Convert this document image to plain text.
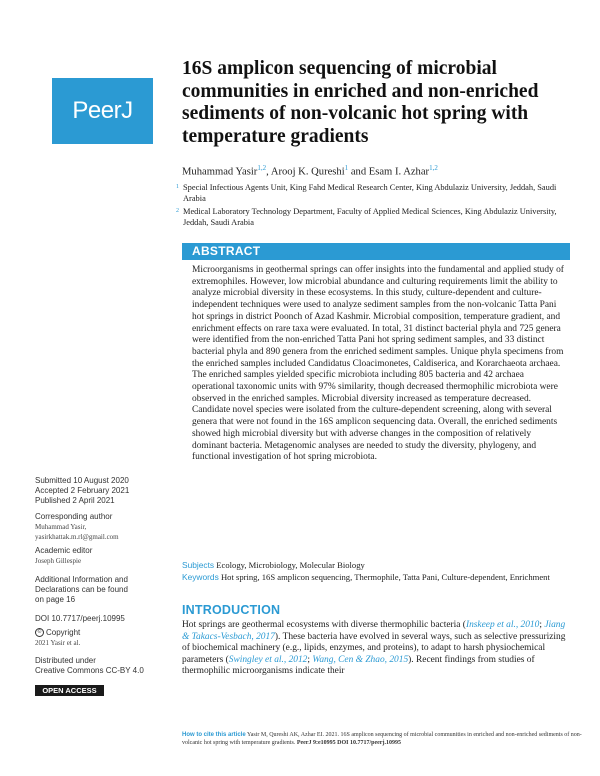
PeerJ
16S amplicon sequencing of microbial communities in enriched and non-enriched sediments of non-volcanic hot spring with temperature gradients
Muhammad Yasir$^{1,2}$, Arooj K. Qureshi$^1$ and Esam I. Azhar$^{1,2}$
1 Special Infectious Agents Unit, King Fahd Medical Research Center, King Abdulaziz University, Jeddah, Saudi Arabia
2 Medical Laboratory Technology Department, Faculty of Applied Medical Sciences, King Abdulaziz University, Jeddah, Saudi Arabia
ABSTRACT

Microorganisms in geothermal springs can offer insights into the fundamental and applied study of extremophiles. However, low microbial abundance and culturing requirements limit the ability to analyze microbial diversity in these ecosystems. In this study, culture-dependent and culture-independent techniques were used to analyze sediment samples from the non-volcanic Tatta Pani hot springs in district Poonch of Azad Kashmir. Microbial composition, temperature gradient, and enrichment effects on rare taxa were evaluated. In total, 31 distinct bacterial phyla and 725 genera were identified from the non-enriched Tatta Pani hot spring sediment samples, and 33 distinct bacterial phyla and 890 genera from the enriched sediment samples. Unique phyla specimens from the enriched samples included Candidatus Cloacimonetes, Caldiserica, and Korarchaeota archaea. The enriched samples yielded specific microbiota including 805 bacteria and 42 archaea operational taxonomic units with 97% similarity, though decreased thermophilic microbiota were observed in the enriched samples. Microbial diversity increased as temperature decreased. Candidate novel species were isolated from the culture-dependent screening, along with several genera that were not found in the 16S amplicon sequencing data. Overall, the enriched sediments showed high microbial diversity but with adverse changes in the composition of relatively dominant bacteria. Metagenomic analyses are needed to study the diversity, phylogeny, and functional investigation of hot spring microbiota.

Submitted 10 August 2020
Accepted 2 February 2021
Published 2 April 2021
Corresponding author
Muhammad Yasir,
yasirkhattak.m.rl@gmail.com
Academic editor
Joseph Gillespie
Additional Information and Declarations can be found on page 16
DOI 10.7717/peerj.10995
© Copyright
2021 Yasir et al.
Distributed under
Creative Commons CC-BY 4.0
OPEN ACCESS
Subjects Ecology, Microbiology, Molecular Biology
Keywords Hot spring, 16S amplicon sequencing, Thermophile, Tatta Pani, Culture-dependent, Enrichment
INTRODUCTION

Hot springs are geothermal ecosystems with diverse thermophilic bacteria (Inskeep et al., 2010; Jiang & Takacs-Vesbach, 2017). These bacteria have evolved in several ways, such as selective pressurizing of biochemical machinery (e.g., lipids, enzymes, and proteins), to adapt to harsh physiochemical parameters (Swingley et al., 2012; Wang, Cen & Zhao, 2015). Recent findings from studies of thermophilic microorganisms indicate their

How to cite this article Yasir M, Qureshi AK, Azhar EI. 2021. 16S amplicon sequencing of microbial communities in enriched and non-enriched sediments of non-volcanic hot spring with temperature gradients. PeerJ 9:e10995 DOI 10.7717/peerj.10995
